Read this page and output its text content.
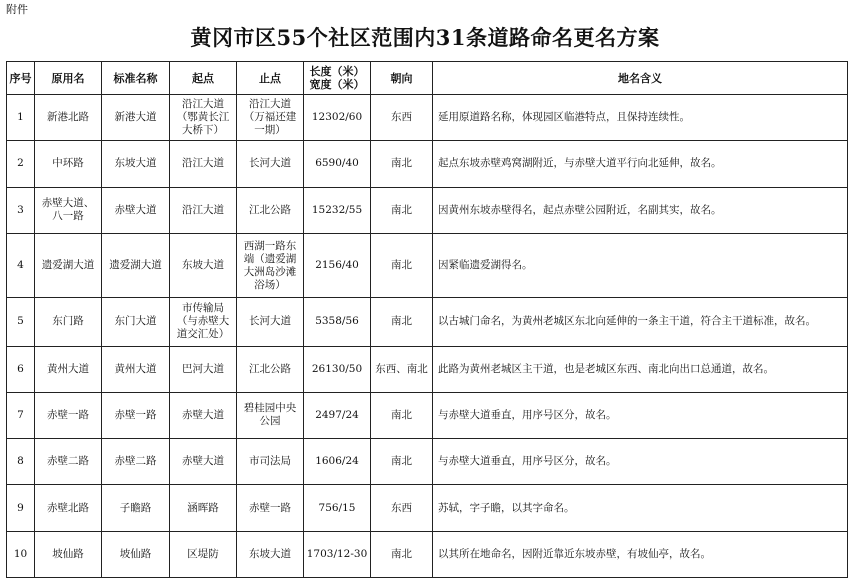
附件
黄冈市区55个社区范围内31条道路命名更名方案
序号	原用名	标准名称	起点	止点	长度（米）宽度（米）	朝向	地名含义
1	新港北路	新港大道	沿江大道（鄂黄长江大桥下）	沿江大道（万福还建一期）	12302/60	东西	延用原道路名称，体现园区临港特点，且保持连续性。
2	中环路	东坡大道	沿江大道	长河大道	6590/40	南北	起点东坡赤壁鸡窝湖附近，与赤壁大道平行向北延伸，故名。
3	赤壁大道、八一路	赤壁大道	沿江大道	江北公路	15232/55	南北	因黄州东坡赤壁得名，起点赤壁公园附近，名副其实，故名。
4	遗爱湖大道	遗爱湖大道	东坡大道	西湖一路东端（遗爱湖大洲岛沙滩浴场）	2156/40	南北	因紧临遗爱湖得名。
5	东门路	东门大道	市传输局（与赤壁大道交汇处）	长河大道	5358/56	南北	以古城门命名，为黄州老城区东北向延伸的一条主干道，符合主干道标准，故名。
6	黄州大道	黄州大道	巴河大道	江北公路	26130/50	东西、南北	此路为黄州老城区主干道，也是老城区东西、南北向出口总通道，故名。
7	赤壁一路	赤壁一路	赤壁大道	碧桂园中央公园	2497/24	南北	与赤壁大道垂直，用序号区分，故名。
8	赤壁二路	赤壁二路	赤壁大道	市司法局	1606/24	南北	与赤壁大道垂直，用序号区分，故名。
9	赤壁北路	子瞻路	涵晖路	赤壁一路	756/15	东西	苏轼，字子瞻，以其字命名。
10	坡仙路	坡仙路	区堤防	东坡大道	1703/12-30	南北	以其所在地命名，因附近靠近东坡赤壁，有坡仙亭，故名。
